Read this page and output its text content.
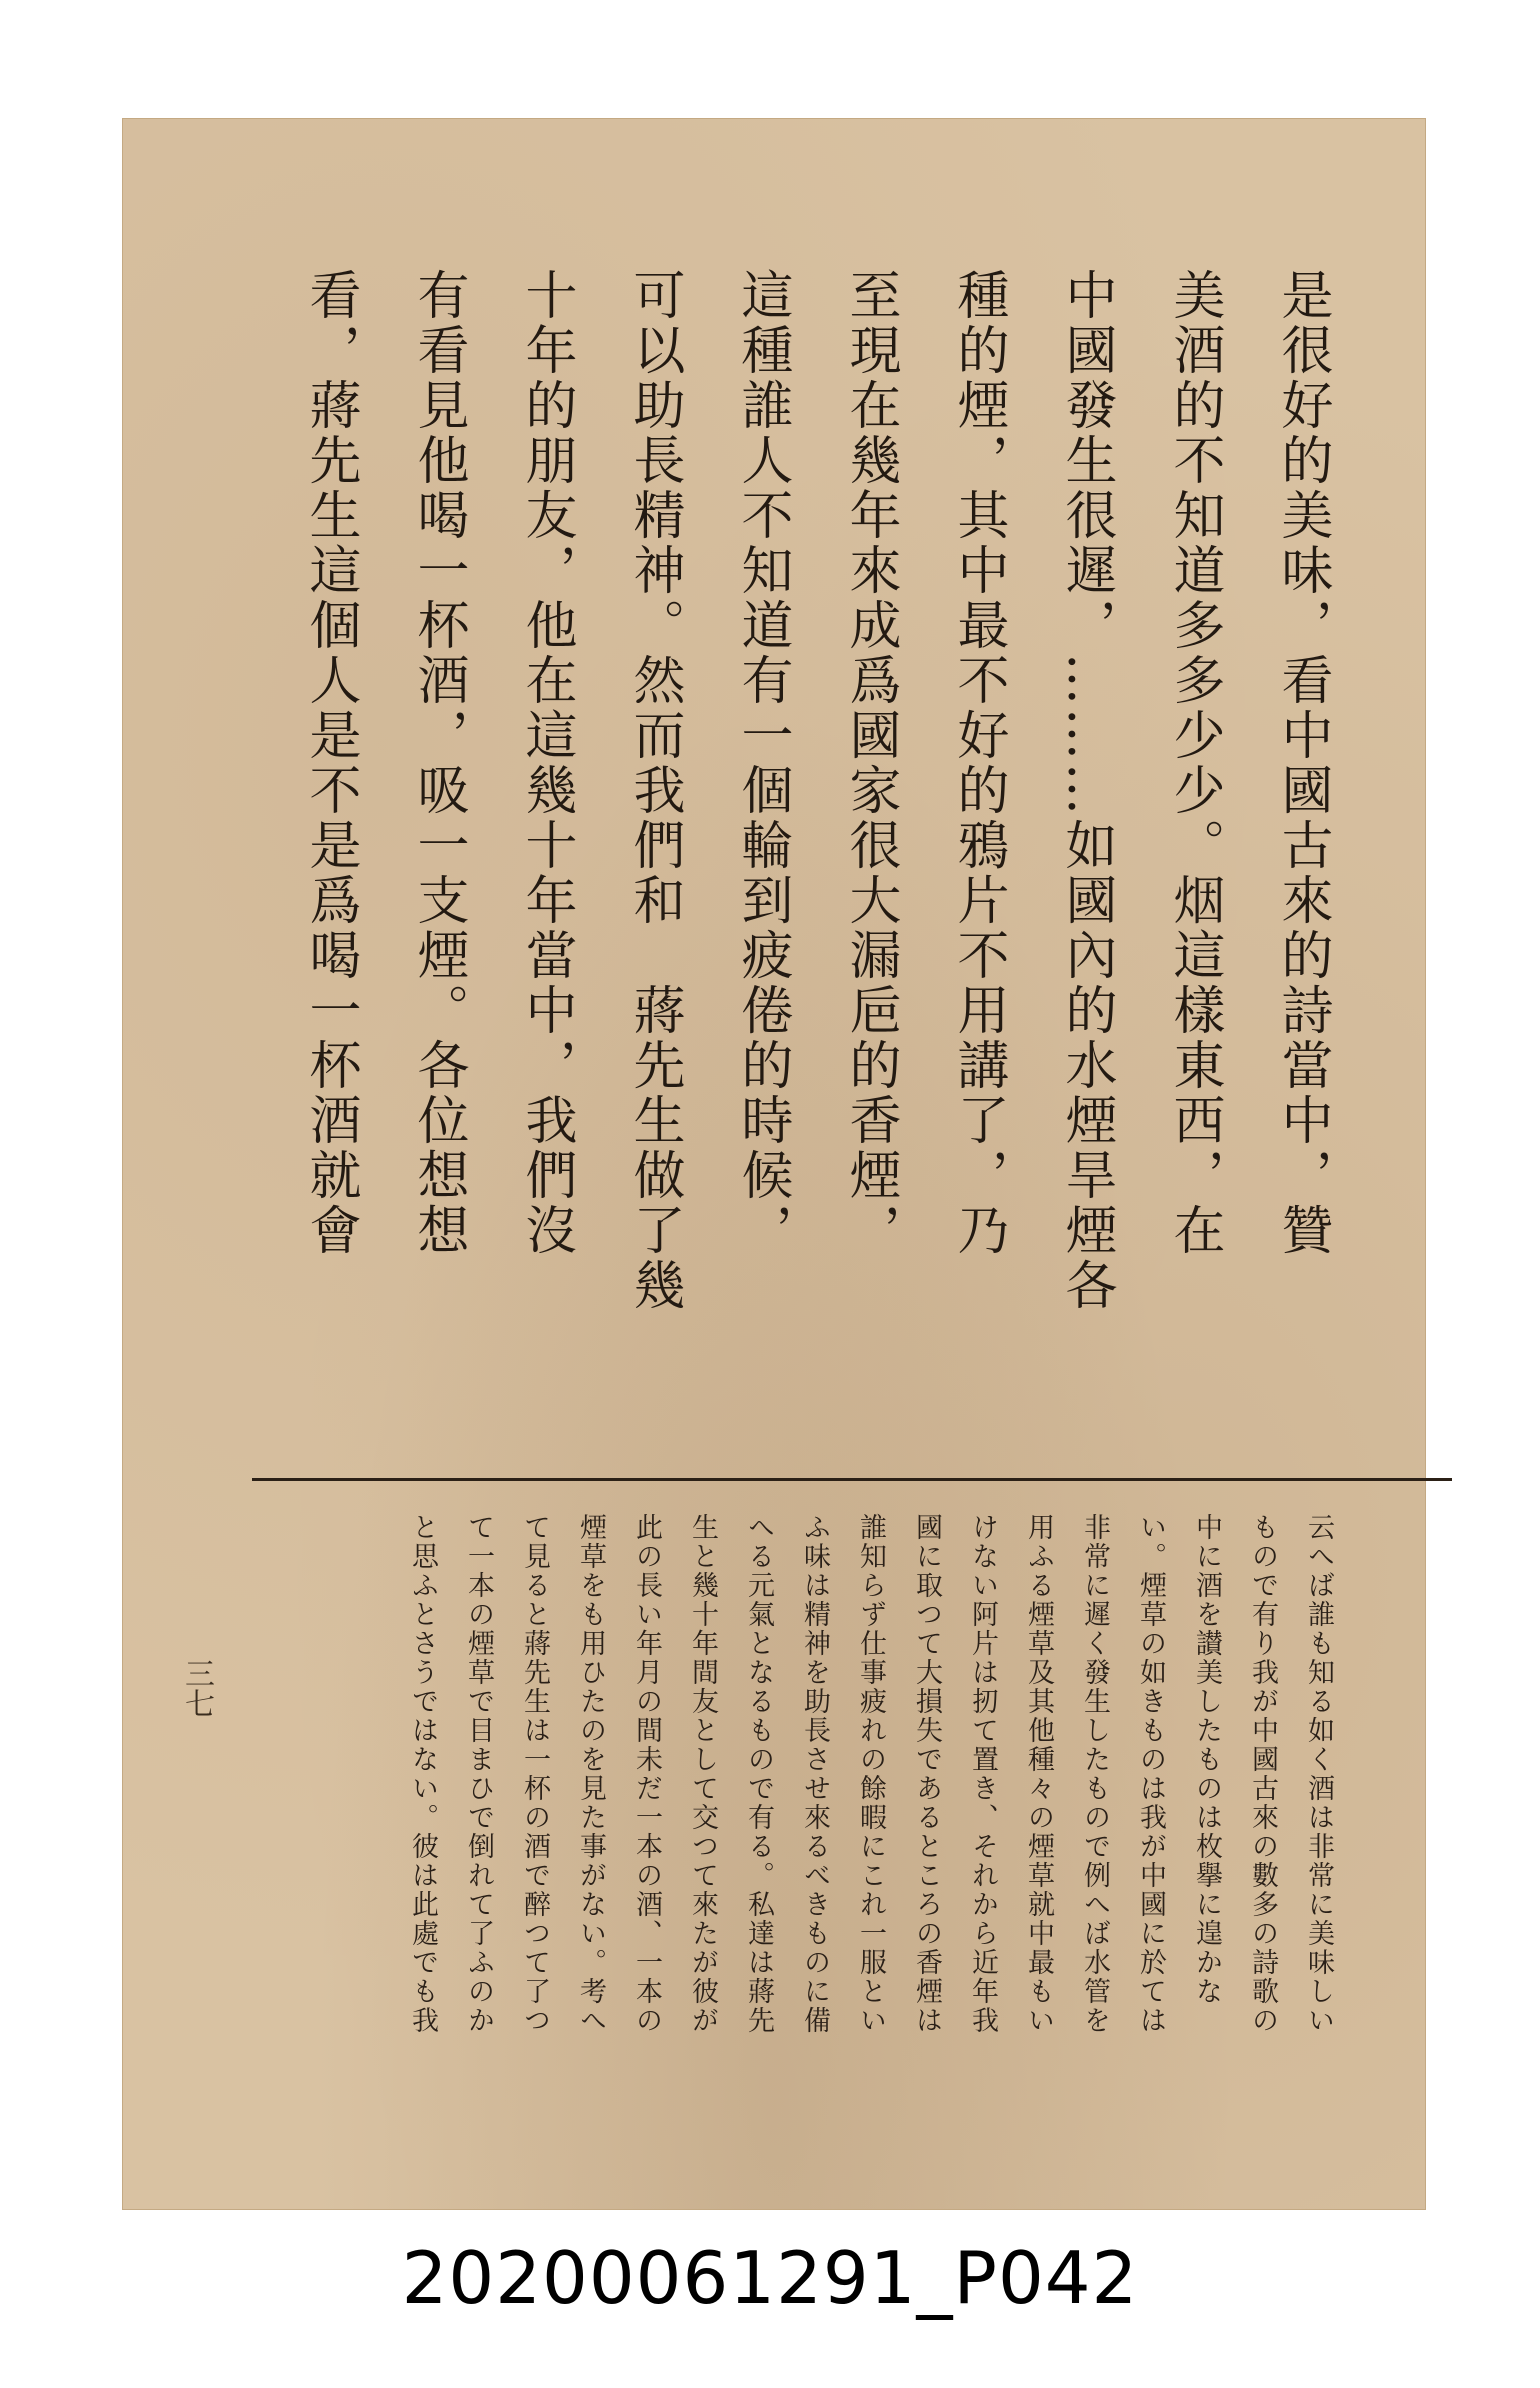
是很好的美味，看中國古來的詩當中，贊
美酒的不知道多多少少。烟這樣東西，在
中國發生很遲，………如國內的水煙旱煙各
種的煙，其中最不好的鴉片不用講了，乃
至現在幾年來成爲國家很大漏巵的香煙，
這種誰人不知道有一個輪到疲倦的時候，
可以助長精神。然而我們和　蔣先生做了幾
十年的朋友，他在這幾十年當中，我們沒
有看見他喝一杯酒，吸一支煙。各位想想
看，蔣先生這個人是不是爲喝一杯酒就會
云へば誰も知る如く酒は非常に美味しい
もので有り我が中國古來の數多の詩歌の
中に酒を讃美したものは枚擧に遑かな
い。煙草の如きものは我が中國に於ては
非常に遲く發生したもので例へば水管を
用ふる煙草及其他種々の煙草就中最もい
けない阿片は扨て置き、それから近年我
國に取つて大損失であるところの香煙は
誰知らず仕事疲れの餘暇にこれ一服とい
ふ味は精神を助長させ來るべきものに備
へる元氣となるもので有る。私達は蔣先
生と幾十年間友として交つて來たが彼が
此の長い年月の間未だ一本の酒、一本の
煙草をも用ひたのを見た事がない。考へ
て見ると蔣先生は一杯の酒で醉つて了つ
て一本の煙草で目まひで倒れて了ふのか
と思ふとさうではない。彼は此處でも我
三七
20200061291_P042
